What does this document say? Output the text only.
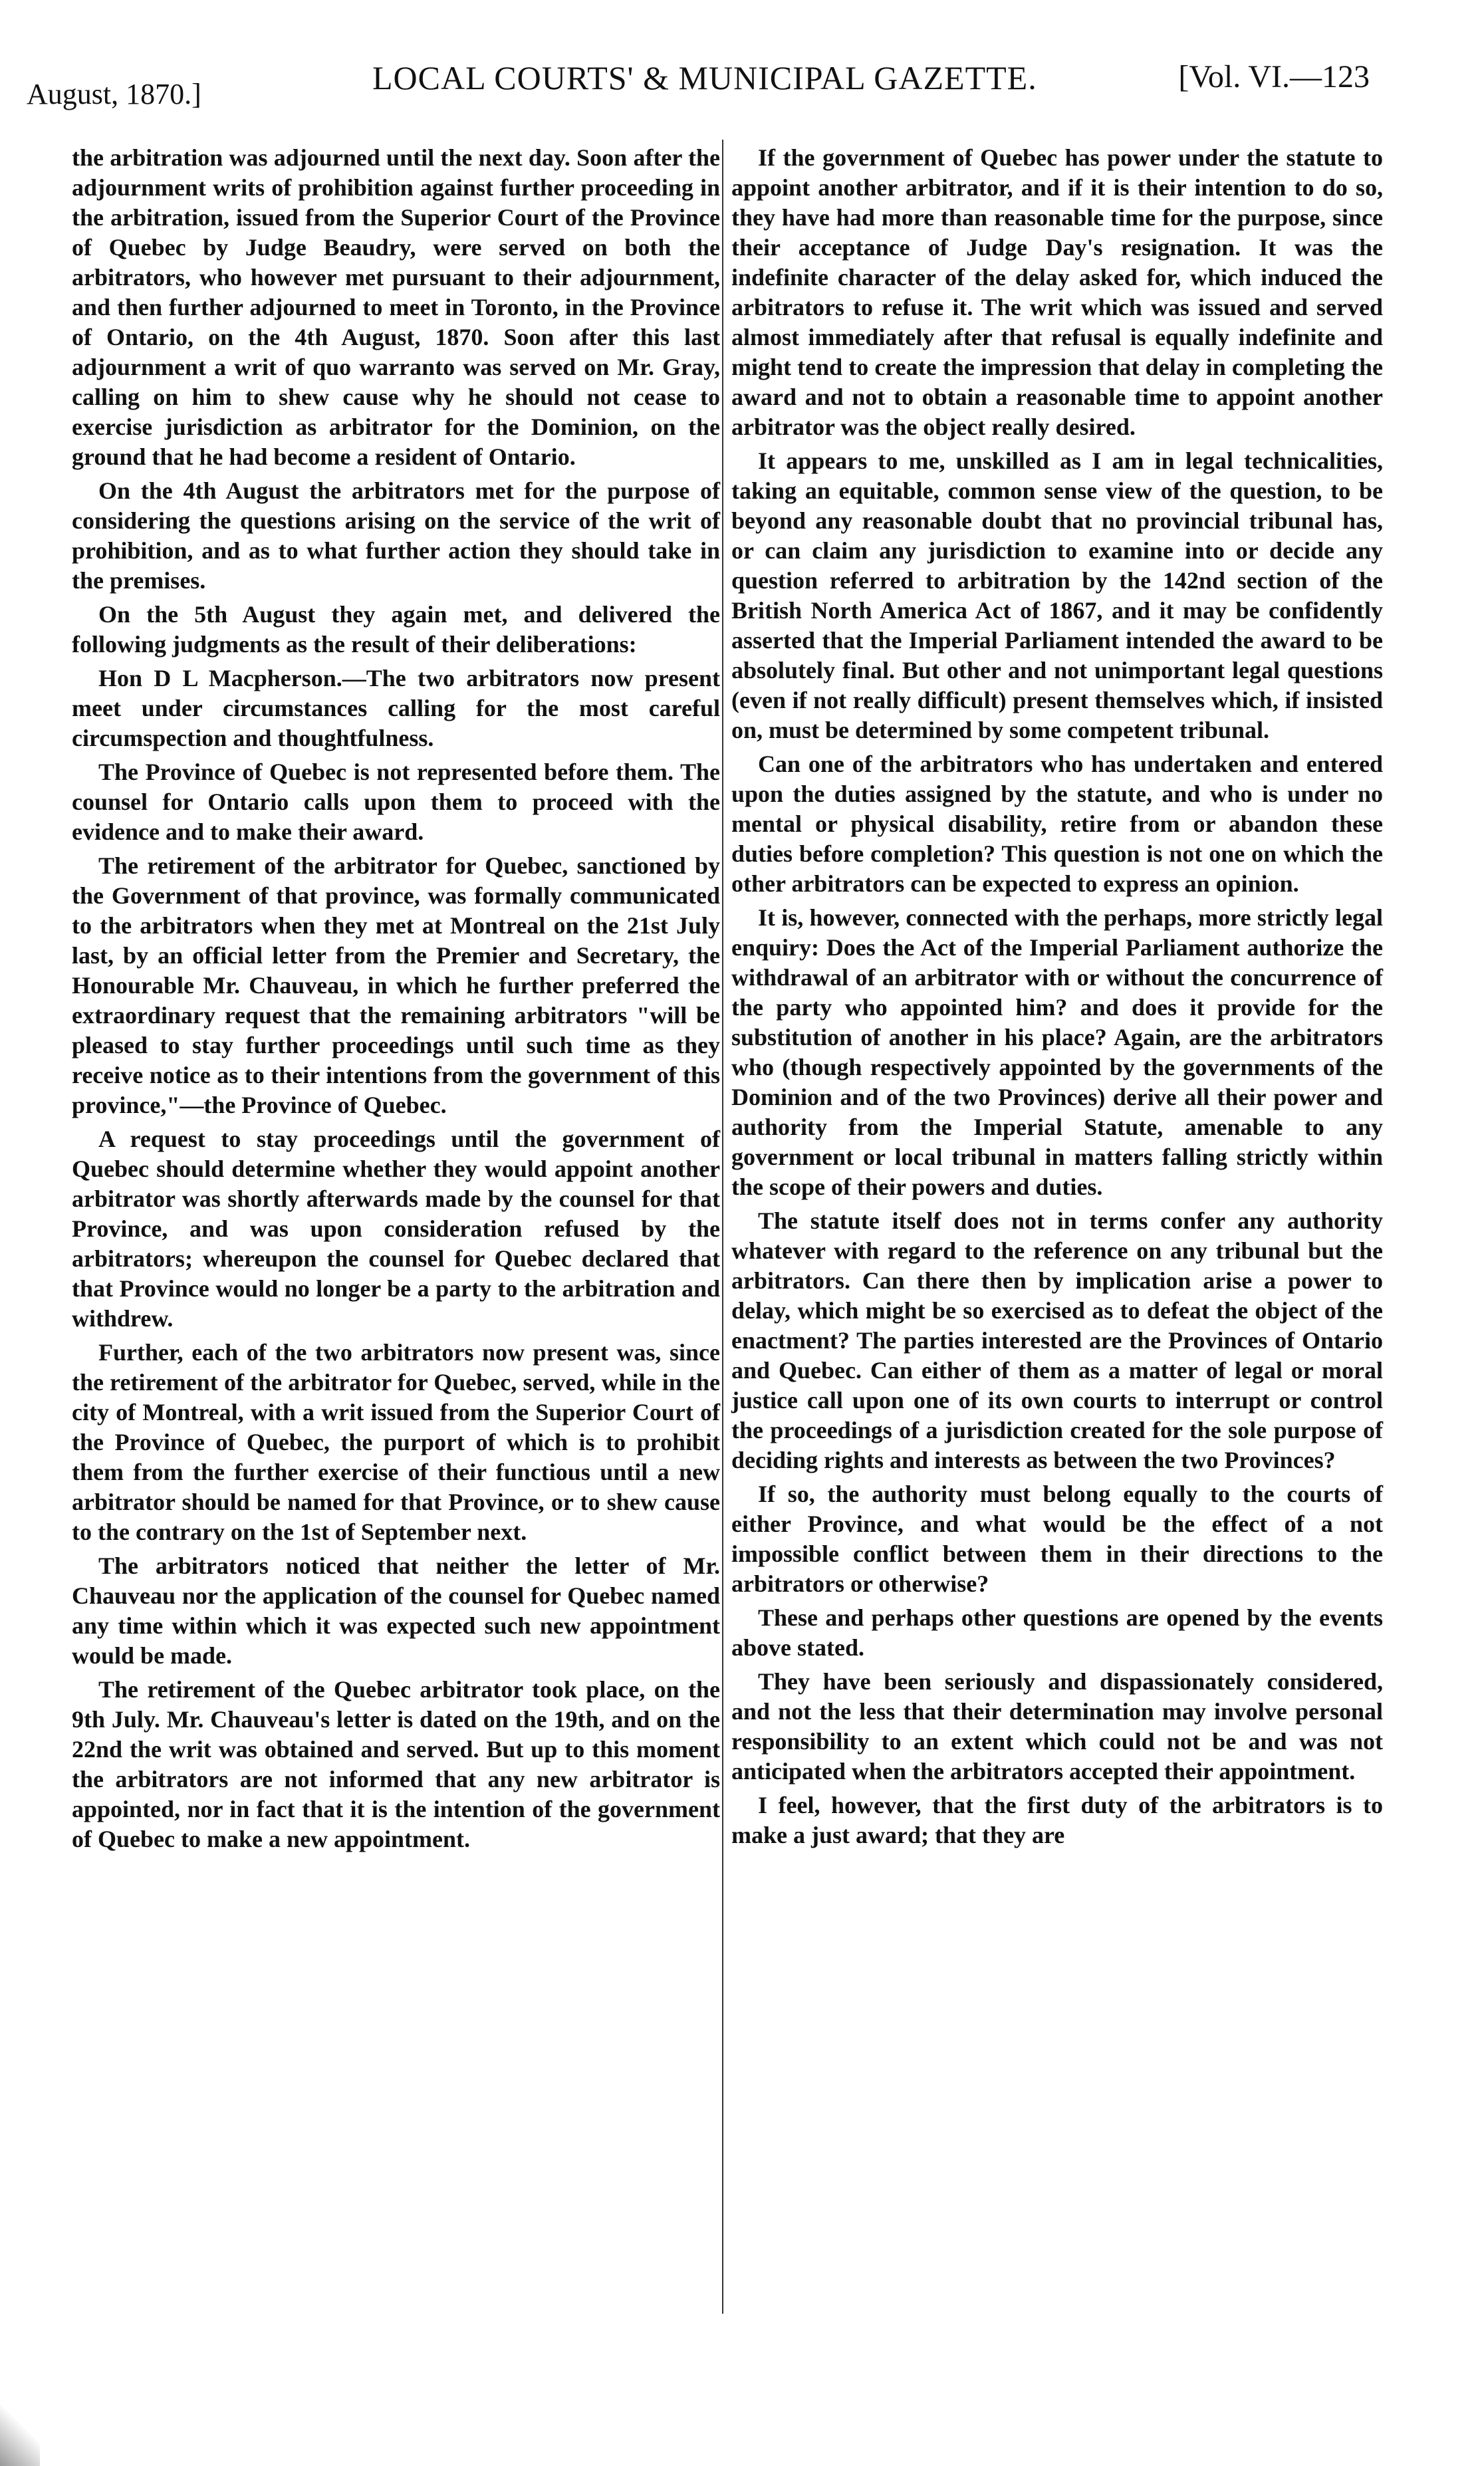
August, 1870.]	LOCAL COURTS' & MUNICIPAL GAZETTE.	[Vol. VI.—123

the arbitration was adjourned until the next day. Soon after the adjournment writs of prohibition against further proceeding in the arbitration, issued from the Superior Court of the Province of Quebec by Judge Beaudry, were served on both the arbitrators, who however met pursuant to their adjournment, and then further adjourned to meet in Toronto, in the Province of Ontario, on the 4th August, 1870. Soon after this last adjournment a writ of quo warranto was served on Mr. Gray, calling on him to shew cause why he should not cease to exercise jurisdiction as arbitrator for the Dominion, on the ground that he had become a resident of Ontario.

On the 4th August the arbitrators met for the purpose of considering the questions arising on the service of the writ of prohibition, and as to what further action they should take in the premises.

On the 5th August they again met, and delivered the following judgments as the result of their deliberations:

Hon D L Macpherson.—The two arbitrators now present meet under circumstances calling for the most careful circumspection and thoughtfulness.

The Province of Quebec is not represented before them. The counsel for Ontario calls upon them to proceed with the evidence and to make their award.

The retirement of the arbitrator for Quebec, sanctioned by the Government of that province, was formally communicated to the arbitrators when they met at Montreal on the 21st July last, by an official letter from the Premier and Secretary, the Honourable Mr. Chauveau, in which he further preferred the extraordinary request that the remaining arbitrators "will be pleased to stay further proceedings until such time as they receive notice as to their intentions from the government of this province,"—the Province of Quebec.

A request to stay proceedings until the government of Quebec should determine whether they would appoint another arbitrator was shortly afterwards made by the counsel for that Province, and was upon consideration refused by the arbitrators; whereupon the counsel for Quebec declared that that Province would no longer be a party to the arbitration and withdrew.

Further, each of the two arbitrators now present was, since the retirement of the arbitrator for Quebec, served, while in the city of Montreal, with a writ issued from the Superior Court of the Province of Quebec, the purport of which is to prohibit them from the further exercise of their functious until a new arbitrator should be named for that Province, or to shew cause to the contrary on the 1st of September next.

The arbitrators noticed that neither the letter of Mr. Chauveau nor the application of the counsel for Quebec named any time within which it was expected such new appointment would be made.

The retirement of the Quebec arbitrator took place, on the 9th July. Mr. Chauveau's letter is dated on the 19th, and on the 22nd the writ was obtained and served. But up to this moment the arbitrators are not informed that any new arbitrator is appointed, nor in fact that it is the intention of the government of Quebec to make a new appointment.

If the government of Quebec has power under the statute to appoint another arbitrator, and if it is their intention to do so, they have had more than reasonable time for the purpose, since their acceptance of Judge Day's resignation. It was the indefinite character of the delay asked for, which induced the arbitrators to refuse it. The writ which was issued and served almost immediately after that refusal is equally indefinite and might tend to create the impression that delay in completing the award and not to obtain a reasonable time to appoint another arbitrator was the object really desired.

It appears to me, unskilled as I am in legal technicalities, taking an equitable, common sense view of the question, to be beyond any reasonable doubt that no provincial tribunal has, or can claim any jurisdiction to examine into or decide any question referred to arbitration by the 142nd section of the British North America Act of 1867, and it may be confidently asserted that the Imperial Parliament intended the award to be absolutely final. But other and not unimportant legal questions (even if not really difficult) present themselves which, if insisted on, must be determined by some competent tribunal.

Can one of the arbitrators who has undertaken and entered upon the duties assigned by the statute, and who is under no mental or physical disability, retire from or abandon these duties before completion? This question is not one on which the other arbitrators can be expected to express an opinion.

It is, however, connected with the perhaps, more strictly legal enquiry: Does the Act of the Imperial Parliament authorize the withdrawal of an arbitrator with or without the concurrence of the party who appointed him? and does it provide for the substitution of another in his place? Again, are the arbitrators who (though respectively appointed by the governments of the Dominion and of the two Provinces) derive all their power and authority from the Imperial Statute, amenable to any government or local tribunal in matters falling strictly within the scope of their powers and duties.

The statute itself does not in terms confer any authority whatever with regard to the reference on any tribunal but the arbitrators. Can there then by implication arise a power to delay, which might be so exercised as to defeat the object of the enactment? The parties interested are the Provinces of Ontario and Quebec. Can either of them as a matter of legal or moral justice call upon one of its own courts to interrupt or control the proceedings of a jurisdiction created for the sole purpose of deciding rights and interests as between the two Provinces?

If so, the authority must belong equally to the courts of either Province, and what would be the effect of a not impossible conflict between them in their directions to the arbitrators or otherwise?

These and perhaps other questions are opened by the events above stated.

They have been seriously and dispassionately considered, and not the less that their determination may involve personal responsibility to an extent which could not be and was not anticipated when the arbitrators accepted their appointment.

I feel, however, that the first duty of the arbitrators is to make a just award; that they are
